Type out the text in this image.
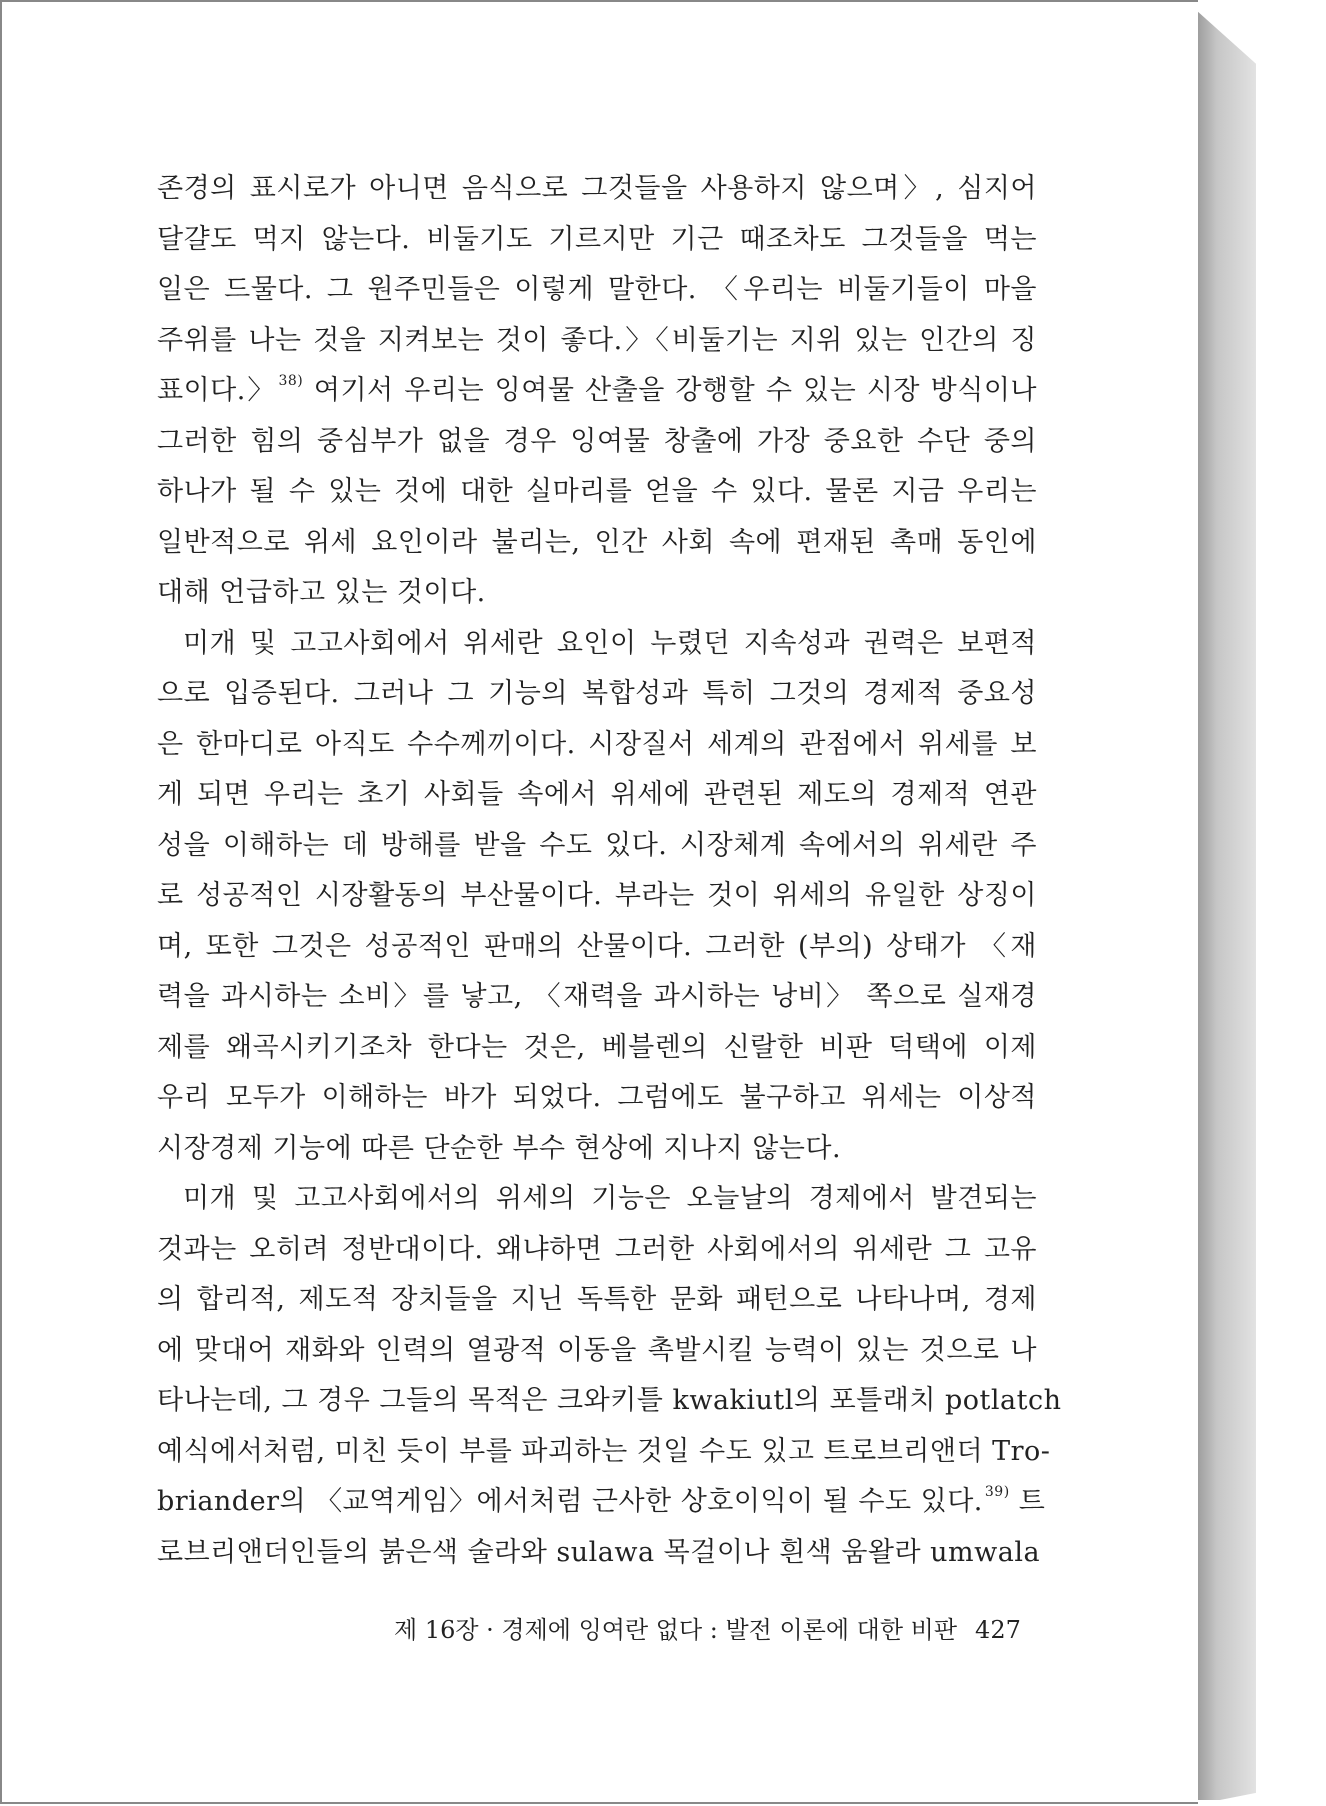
존경의 표시로가 아니면 음식으로 그것들을 사용하지 않으며〉, 심지어
달걀도 먹지 않는다. 비둘기도 기르지만 기근 때조차도 그것들을 먹는
일은 드물다. 그 원주민들은 이렇게 말한다. 〈우리는 비둘기들이 마을
주위를 나는 것을 지켜보는 것이 좋다.〉〈비둘기는 지위 있는 인간의 징
표이다.〉 $^{38)}$ 여기서 우리는 잉여물 산출을 강행할 수 있는 시장 방식이나
그러한 힘의 중심부가 없을 경우 잉여물 창출에 가장 중요한 수단 중의
하나가 될 수 있는 것에 대한 실마리를 얻을 수 있다. 물론 지금 우리는
일반적으로 위세 요인이라 불리는, 인간 사회 속에 편재된 촉매 동인에
대해 언급하고 있는 것이다.
미개 및 고고사회에서 위세란 요인이 누렸던 지속성과 권력은 보편적
으로 입증된다. 그러나 그 기능의 복합성과 특히 그것의 경제적 중요성
은 한마디로 아직도 수수께끼이다. 시장질서 세계의 관점에서 위세를 보
게 되면 우리는 초기 사회들 속에서 위세에 관련된 제도의 경제적 연관
성을 이해하는 데 방해를 받을 수도 있다. 시장체계 속에서의 위세란 주
로 성공적인 시장활동의 부산물이다. 부라는 것이 위세의 유일한 상징이
며, 또한 그것은 성공적인 판매의 산물이다. 그러한 (부의) 상태가 〈재
력을 과시하는 소비〉를 낳고, 〈재력을 과시하는 낭비〉 쪽으로 실재경
제를 왜곡시키기조차 한다는 것은, 베블렌의 신랄한 비판 덕택에 이제
우리 모두가 이해하는 바가 되었다. 그럼에도 불구하고 위세는 이상적
시장경제 기능에 따른 단순한 부수 현상에 지나지 않는다.
미개 및 고고사회에서의 위세의 기능은 오늘날의 경제에서 발견되는
것과는 오히려 정반대이다. 왜냐하면 그러한 사회에서의 위세란 그 고유
의 합리적, 제도적 장치들을 지닌 독특한 문화 패턴으로 나타나며, 경제
에 맞대어 재화와 인력의 열광적 이동을 촉발시킬 능력이 있는 것으로 나
타나는데, 그 경우 그들의 목적은 크와키틀 kwakiutl의 포틀래치 potlatch
예식에서처럼, 미친 듯이 부를 파괴하는 것일 수도 있고 트로브리앤더 Tro-
briander의 〈교역게임〉에서처럼 근사한 상호이익이 될 수도 있다. $^{39)}$ 트
로브리앤더인들의 붉은색 술라와 sulawa 목걸이나 흰색 움왈라 umwala
제 16장 · 경제에 잉여란 없다 : 발전 이론에 대한 비판 427
